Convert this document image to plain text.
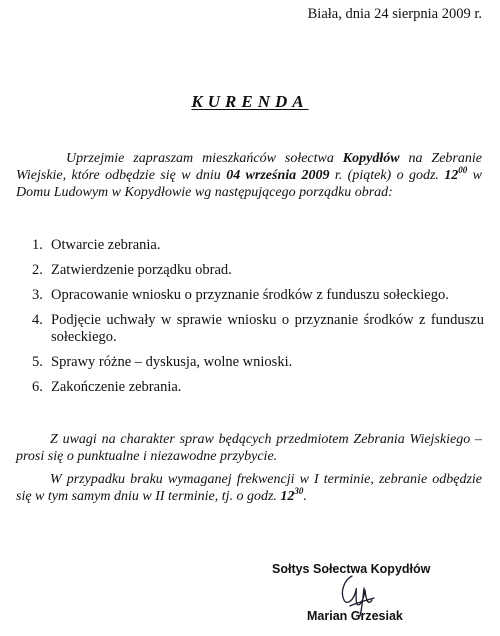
Biała, dnia 24 sierpnia 2009 r.
KURENDA

Uprzejmie zapraszam mieszkańców sołectwa Kopydłów na Zebranie Wiejskie, które odbędzie się w dniu 04 września 2009 r. (piątek) o godz. $12^{00}$ w Domu Ludowym w Kopydłowie wg następującego porządku obrad:

1. Otwarcie zebrania.
2. Zatwierdzenie porządku obrad.
3. Opracowanie wniosku o przyznanie środków z funduszu sołeckiego.
4. Podjęcie uchwały w sprawie wniosku o przyznanie środków z funduszu sołeckiego.
5. Sprawy różne – dyskusja, wolne wnioski.
6. Zakończenie zebrania.

Z uwagi na charakter spraw będących przedmiotem Zebrania Wiejskiego – prosi się o punktualne i niezawodne przybycie.

W przypadku braku wymaganej frekwencji w I terminie, zebranie odbędzie się w tym samym dniu w II terminie, tj. o godz. $12^{30}$.

Sołtys Sołectwa Kopydłów
Marian Grzesiak
